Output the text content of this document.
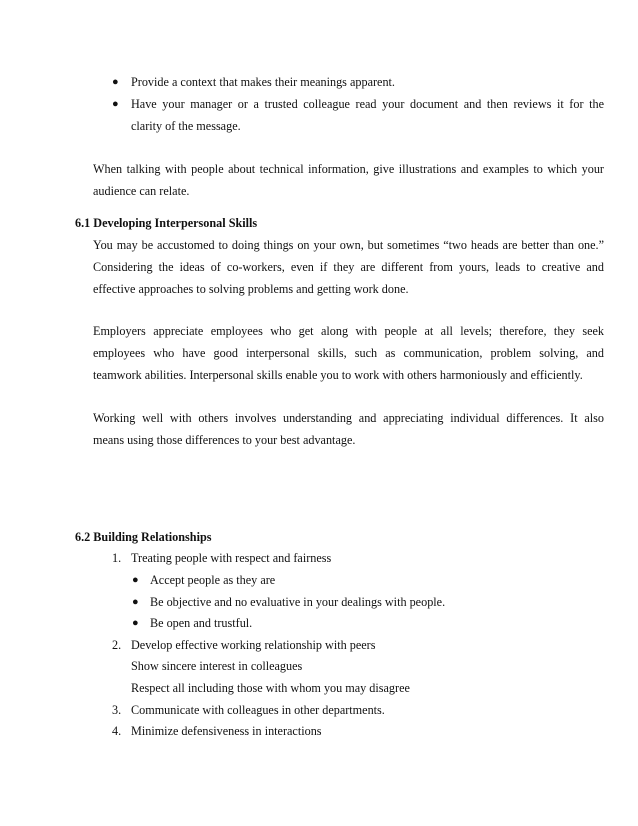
● Provide a context that makes their meanings apparent.
● Have your manager or a trusted colleague read your document and then reviews it for the
clarity of the message.
When talking with people about technical information, give illustrations and examples to which your
audience can relate.
6.1 Developing Interpersonal Skills
You may be accustomed to doing things on your own, but sometimes “two heads are better than one.”
Considering the ideas of co-workers, even if they are different from yours, leads to creative and
effective approaches to solving problems and getting work done.
Employers appreciate employees who get along with people at all levels; therefore, they seek
employees who have good interpersonal skills, such as communication, problem solving, and
teamwork abilities. Interpersonal skills enable you to work with others harmoniously and efficiently.
Working well with others involves understanding and appreciating individual differences. It also
means using those differences to your best advantage.
6.2 Building Relationships
1. Treating people with respect and fairness
● Accept people as they are
● Be objective and no evaluative in your dealings with people.
● Be open and trustful.
2. Develop effective working relationship with peers
Show sincere interest in colleagues
Respect all including those with whom you may disagree
3. Communicate with colleagues in other departments.
4. Minimize defensiveness in interactions
